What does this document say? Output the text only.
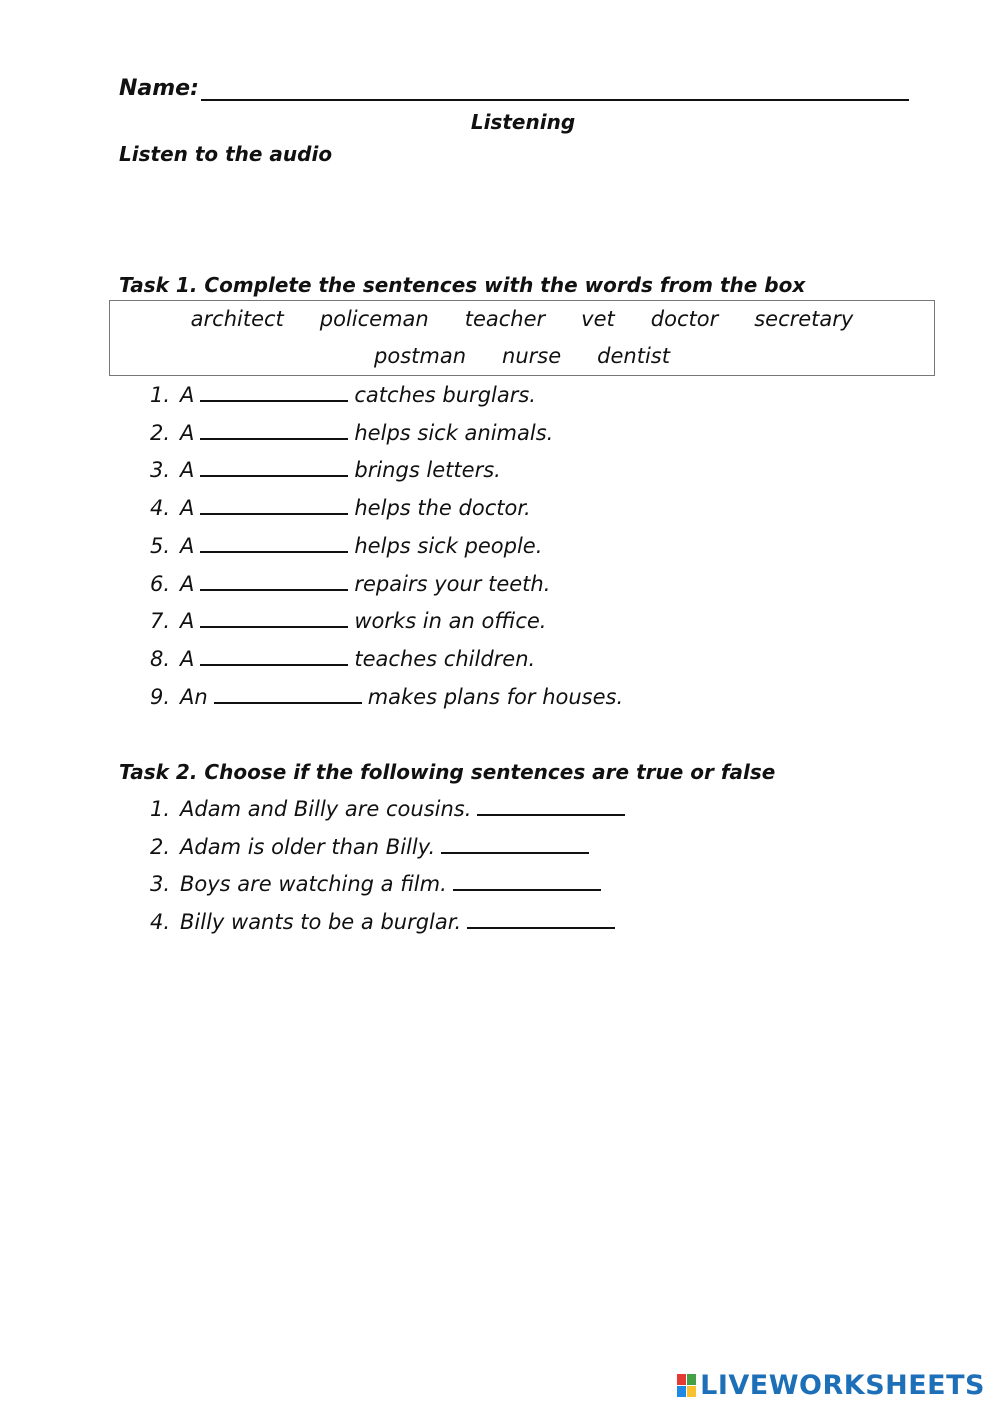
Name:
Listening
Listen to the audio
Task 1. Complete the sentences with the words from the box
architect policeman teacher vet doctor secretary
postman nurse dentist
1. A	catches burglars.
2. A	helps sick animals.
3. A	brings letters.
4. A	helps the doctor.
5. A	helps sick people.
6. A	repairs your teeth.
7. A	works in an office.
8. A	teaches children.
9. An	makes plans for houses.
Task 2. Choose if the following sentences are true or false
1. Adam and Billy are cousins.
2. Adam is older than Billy.
3. Boys are watching a film.
4. Billy wants to be a burglar.
LIVEWORKSHEETS
